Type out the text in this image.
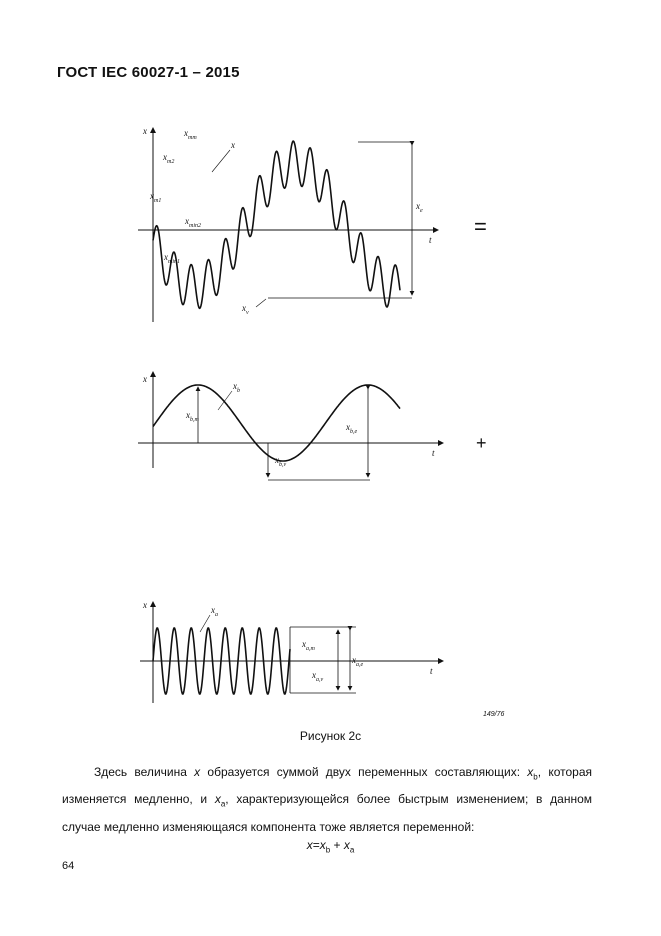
ГОСТ IEC 60027-1 – 2015
x
t
x
$x_{mm}$
$x_{m2}$
$x_{m1}$
$x_{min2}$
$x_{min1}$
$x_v$
$x_e$
=
x
t
$x_b$
$x_{b,m}$
$x_{b,v}$
$x_{b,e}$
+
x
t
$x_a$
$x_{a,m}$
$x_{a,v}$
$x_{a,e}$
149/76
Рисунок 2с

Здесь величина x образуется суммой двух переменных составляющих: $x_b$, которая изменяется медленно, и $x_a$, характеризующейся более быстрым изменением; в данном случае медленно изменяющаяся компонента тоже является переменной:

$x=x_b + x_a$
64
